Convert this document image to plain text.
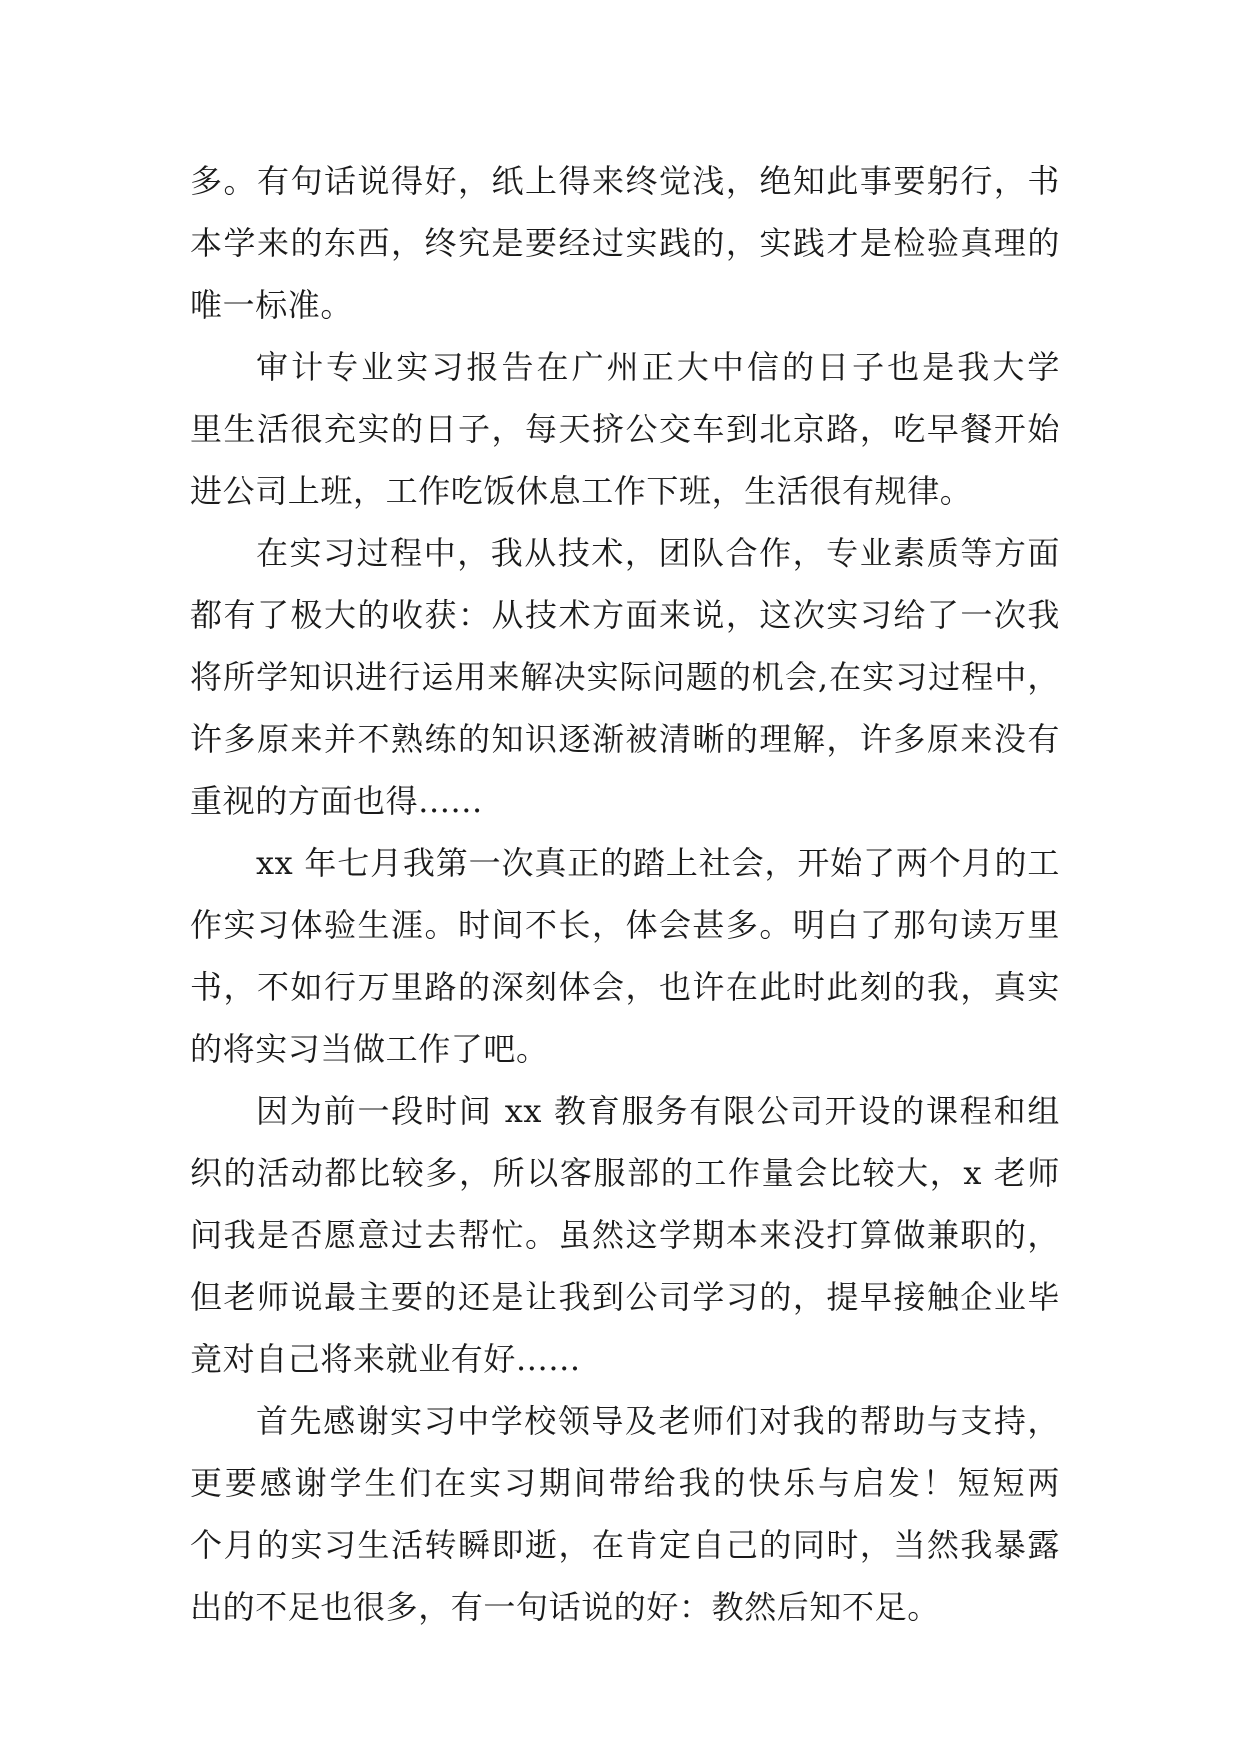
多。有句话说得好，纸上得来终觉浅，绝知此事要躬行，书
本学来的东西，终究是要经过实践的，实践才是检验真理的
唯一标准。
审计专业实习报告在广州正大中信的日子也是我大学
里生活很充实的日子，每天挤公交车到北京路，吃早餐开始
进公司上班，工作吃饭休息工作下班，生活很有规律。
在实习过程中，我从技术，团队合作，专业素质等方面
都有了极大的收获：从技术方面来说，这次实习给了一次我
将所学知识进行运用来解决实际问题的机会,在实习过程中，
许多原来并不熟练的知识逐渐被清晰的理解，许多原来没有
重视的方面也得......
xx 年七月我第一次真正的踏上社会，开始了两个月的工
作实习体验生涯。时间不长，体会甚多。明白了那句读万里
书，不如行万里路的深刻体会，也许在此时此刻的我，真实
的将实习当做工作了吧。
因为前一段时间 xx 教育服务有限公司开设的课程和组
织的活动都比较多，所以客服部的工作量会比较大，x 老师
问我是否愿意过去帮忙。虽然这学期本来没打算做兼职的，
但老师说最主要的还是让我到公司学习的，提早接触企业毕
竟对自己将来就业有好......
首先感谢实习中学校领导及老师们对我的帮助与支持，
更要感谢学生们在实习期间带给我的快乐与启发！短短两
个月的实习生活转瞬即逝，在肯定自己的同时，当然我暴露
出的不足也很多，有一句话说的好：教然后知不足。
